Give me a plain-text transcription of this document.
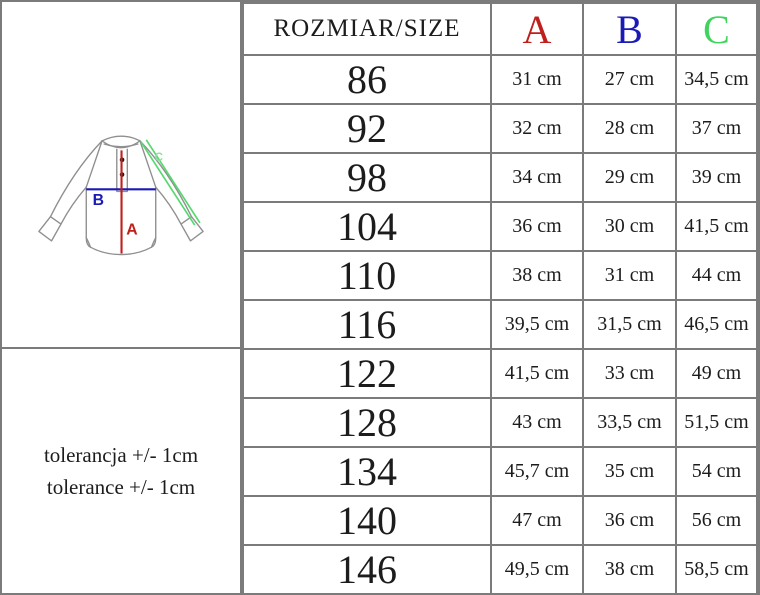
B
A
C
tolerancja +/- 1cm
tolerance +/- 1cm
ROZMIAR/SIZE	A	B	C
86	31 cm	27 cm	34,5 cm
92	32 cm	28 cm	37 cm
98	34 cm	29 cm	39 cm
104	36 cm	30 cm	41,5 cm
110	38 cm	31 cm	44 cm
116	39,5 cm	31,5 cm	46,5 cm
122	41,5 cm	33 cm	49 cm
128	43 cm	33,5 cm	51,5 cm
134	45,7 cm	35 cm	54 cm
140	47 cm	36 cm	56 cm
146	49,5 cm	38 cm	58,5 cm
